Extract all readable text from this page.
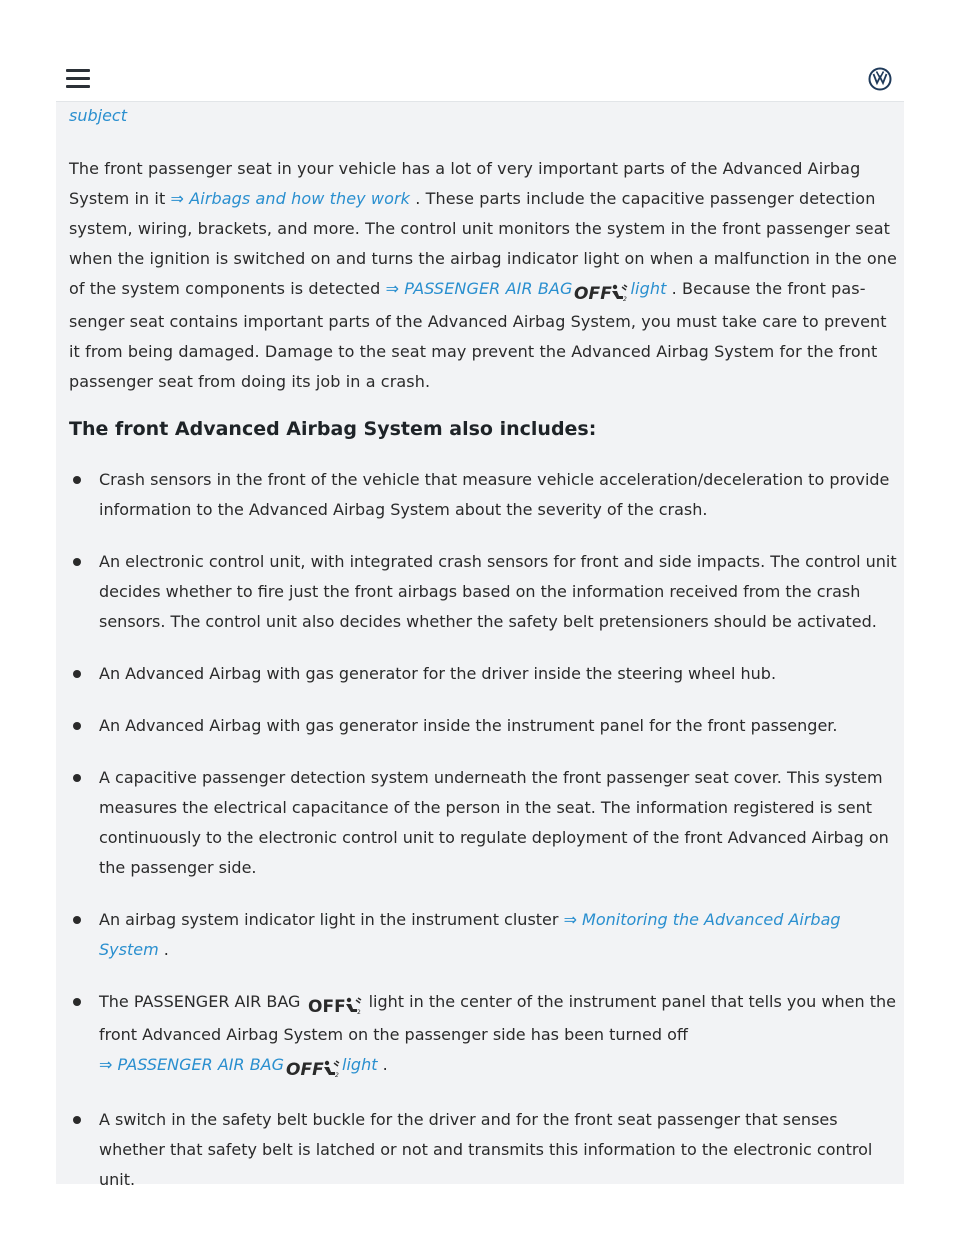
subject

The front passenger seat in your vehicle has a lot of very important parts of the Advanced Airbag System in it ⇒ Airbags and how they work . These parts include the capacitive passenger detection system, wiring, brackets, and more. The control unit monitors the system in the front passenger seat when the ignition is switched on and turns the airbag indicator light on when a malfunction in the one of the system components is detected ⇒ PASSENGER AIR BAG OFF 2
light . Because the front passenger seat contains important parts of the Advanced Airbag System, you must take care to prevent it from being damaged. Damage to the seat may prevent the Advanced Airbag System for the front passenger seat from doing its job in a crash.

The front Advanced Airbag System also includes:
Crash sensors in the front of the vehicle that measure vehicle acceleration/deceleration to provide information to the Advanced Airbag System about the severity of the crash.
An electronic control unit, with integrated crash sensors for front and side impacts. The control unit decides whether to fire just the front airbags based on the information received from the crash sensors. The control unit also decides whether the safety belt pretensioners should be activated.
An Advanced Airbag with gas generator for the driver inside the steering wheel hub.
An Advanced Airbag with gas generator inside the instrument panel for the front passenger.
A capacitive passenger detection system underneath the front passenger seat cover. This system measures the electrical capacitance of the person in the seat. The information registered is sent continuously to the electronic control unit to regulate deployment of the front Advanced Airbag on the passenger side.
An airbag system indicator light in the instrument cluster ⇒ Monitoring the Advanced Airbag System .
The PASSENGER AIR BAG OFF 2
light in the center of the instrument panel that tells you when the front Advanced Airbag System on the passenger side has been turned off
⇒ PASSENGER AIR BAG OFF 2
light .
A switch in the safety belt buckle for the driver and for the front seat passenger that senses whether that safety belt is latched or not and transmits this information to the electronic control unit.
